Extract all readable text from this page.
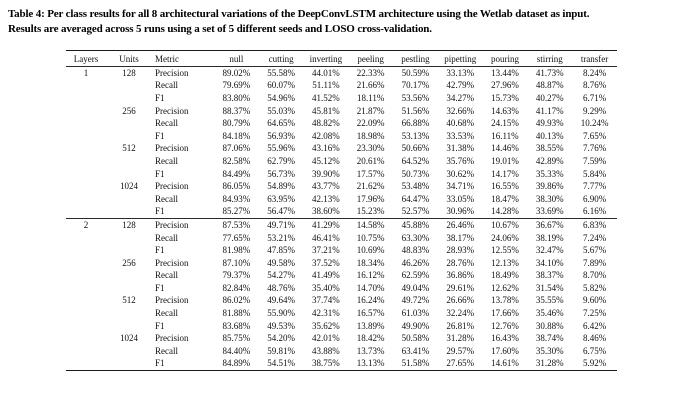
Table 4: Per class results for all 8 architectural variations of the DeepConvLSTM architecture using the Wetlab dataset as input.
Results are averaged across 5 runs using a set of 5 different seeds and LOSO cross-validation.
Layers	Units	Metric	null	cutting	inverting	peeling	pestling	pipetting	pouring	stirring	transfer
1	128	Precision	89.02%	55.58%	44.01%	22.33%	50.59%	33.13%	13.44%	41.73%	8.24%
		Recall	79.69%	60.07%	51.11%	21.66%	70.17%	42.79%	27.96%	48.87%	8.76%
		F1	83.80%	54.96%	41.52%	18.11%	53.56%	34.27%	15.73%	40.27%	6.71%
	256	Precision	88.37%	55.03%	45.81%	21.87%	51.56%	32.66%	14.63%	41.17%	9.29%
		Recall	80.79%	64.65%	48.82%	22.09%	66.88%	40.68%	24.15%	49.93%	10.24%
		F1	84.18%	56.93%	42.08%	18.98%	53.13%	33.53%	16.11%	40.13%	7.65%
	512	Precision	87.06%	55.96%	43.16%	23.30%	50.66%	31.38%	14.46%	38.55%	7.76%
		Recall	82.58%	62.79%	45.12%	20.61%	64.52%	35.76%	19.01%	42.89%	7.59%
		F1	84.49%	56.73%	39.90%	17.57%	50.73%	30.62%	14.17%	35.33%	5.84%
	1024	Precision	86.05%	54.89%	43.77%	21.62%	53.48%	34.71%	16.55%	39.86%	7.77%
		Recall	84.93%	63.95%	42.13%	17.96%	64.47%	33.05%	18.47%	38.30%	6.90%
		F1	85.27%	56.47%	38.60%	15.23%	52.57%	30.96%	14.28%	33.69%	6.16%
2	128	Precision	87.53%	49.71%	41.29%	14.58%	45.88%	26.46%	10.67%	36.67%	6.83%
		Recall	77.65%	53.21%	46.41%	10.75%	63.30%	38.17%	24.06%	38.19%	7.24%
		F1	81.98%	47.85%	37.21%	10.69%	48.83%	28.93%	12.55%	32.47%	5.67%
	256	Precision	87.10%	49.58%	37.52%	18.34%	46.26%	28.76%	12.13%	34.10%	7.89%
		Recall	79.37%	54.27%	41.49%	16.12%	62.59%	36.86%	18.49%	38.37%	8.70%
		F1	82.84%	48.76%	35.40%	14.70%	49.04%	29.61%	12.62%	31.54%	5.82%
	512	Precision	86.02%	49.64%	37.74%	16.24%	49.72%	26.66%	13.78%	35.55%	9.60%
		Recall	81.88%	55.90%	42.31%	16.57%	61.03%	32.24%	17.66%	35.46%	7.25%
		F1	83.68%	49.53%	35.62%	13.89%	49.90%	26.81%	12.76%	30.88%	6.42%
	1024	Precision	85.75%	54.20%	42.01%	18.42%	50.58%	31.28%	16.43%	38.74%	8.46%
		Recall	84.40%	59.81%	43.88%	13.73%	63.41%	29.57%	17.60%	35.30%	6.75%
		F1	84.89%	54.51%	38.75%	13.13%	51.58%	27.65%	14.61%	31.28%	5.92%
